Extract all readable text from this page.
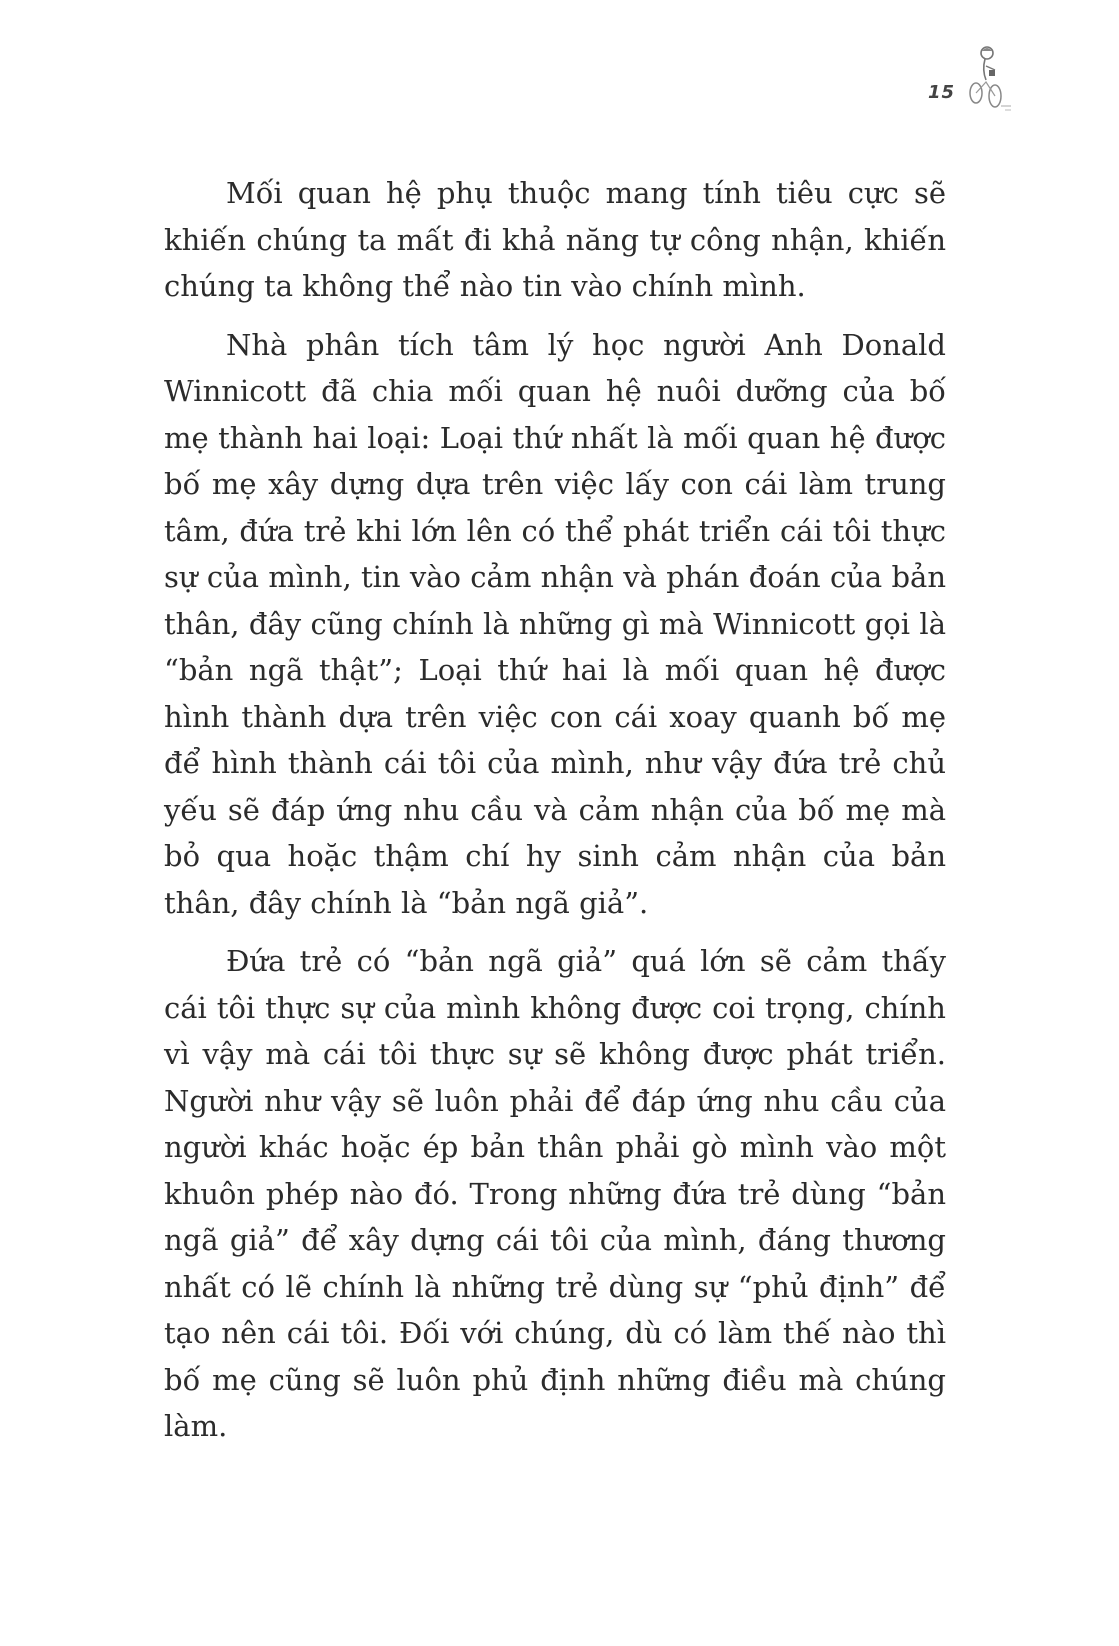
15

Mối quan hệ phụ thuộc mang tính tiêu cực sẽ khiến chúng ta mất đi khả năng tự công nhận, khiến chúng ta không thể nào tin vào chính mình.

Nhà phân tích tâm lý học người Anh Donald Winnicott đã chia mối quan hệ nuôi dưỡng của bố mẹ thành hai loại: Loại thứ nhất là mối quan hệ được bố mẹ xây dựng dựa trên việc lấy con cái làm trung tâm, đứa trẻ khi lớn lên có thể phát triển cái tôi thực sự của mình, tin vào cảm nhận và phán đoán của bản thân, đây cũng chính là những gì mà Winnicott gọi là “bản ngã thật”; Loại thứ hai là mối quan hệ được hình thành dựa trên việc con cái xoay quanh bố mẹ để hình thành cái tôi của mình, như vậy đứa trẻ chủ yếu sẽ đáp ứng nhu cầu và cảm nhận của bố mẹ mà bỏ qua hoặc thậm chí hy sinh cảm nhận của bản thân, đây chính là “bản ngã giả”.

Đứa trẻ có “bản ngã giả” quá lớn sẽ cảm thấy cái tôi thực sự của mình không được coi trọng, chính vì vậy mà cái tôi thực sự sẽ không được phát triển. Người như vậy sẽ luôn phải để đáp ứng nhu cầu của người khác hoặc ép bản thân phải gò mình vào một khuôn phép nào đó. Trong những đứa trẻ dùng “bản ngã giả” để xây dựng cái tôi của mình, đáng thương nhất có lẽ chính là những trẻ dùng sự “phủ định” để tạo nên cái tôi. Đối với chúng, dù có làm thế nào thì bố mẹ cũng sẽ luôn phủ định những điều mà chúng làm.
